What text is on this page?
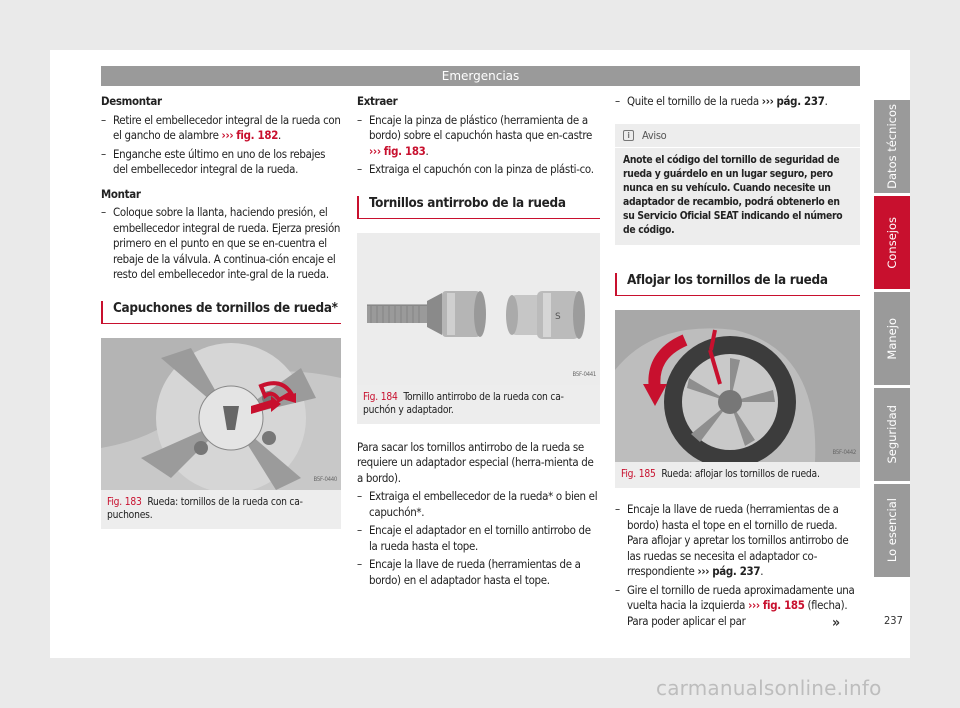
Emergencias

Desmontar

– Retire el embellecedor integral de la rueda con el gancho de alambre ››› fig. 182.
– Enganche este último en uno de los rebajes del embellecedor integral de la rueda.

Montar

– Coloque sobre la llanta, haciendo presión, el embellecedor integral de rueda. Ejerza presión primero en el punto en que se en-cuentra el rebaje de la válvula. A continua-ción encaje el resto del embellecedor inte-gral de la rueda.
Capuchones de tornillos de rueda*
B5F-0440
Fig. 183 Rueda: tornillos de la rueda con ca-puchones.

Extraer

– Encaje la pinza de plástico (herramienta de a bordo) sobre el capuchón hasta que en-castre ››› fig. 183.
– Extraiga el capuchón con la pinza de plásti-co.
Tornillos antirrobo de la rueda
S
B5F-0441
Fig. 184 Tornillo antirrobo de la rueda con ca-puchón y adaptador.

Para sacar los tornillos antirrobo de la rueda se requiere un adaptador especial (herra-mienta de a bordo).

– Extraiga el embellecedor de la rueda* o bien el capuchón*.
– Encaje el adaptador en el tornillo antirrobo de la rueda hasta el tope.
– Encaje la llave de rueda (herramientas de a bordo) en el adaptador hasta el tope.
– Quite el tornillo de la rueda ››› pág. 237.
i	Aviso
Anote el código del tornillo de seguridad de rueda y guárdelo en un lugar seguro, pero nunca en su vehículo. Cuando necesite un adaptador de recambio, podrá obtenerlo en su Servicio Oficial SEAT indicando el número de código.
Aflojar los tornillos de la rueda
B5F-0442
Fig. 185 Rueda: aflojar los tornillos de rueda.
– Encaje la llave de rueda (herramientas de a bordo) hasta el tope en el tornillo de rueda. Para aflojar y apretar los tornillos antirrobo de las ruedas se necesita el adaptador co-rrespondiente ››› pág. 237.
– Gire el tornillo de rueda aproximadamente una vuelta hacia la izquierda ››› fig. 185 (flecha). Para poder aplicar el par
Datos técnicos
Consejos
Manejo
Seguridad
Lo esencial
»	237
carmanualsonline.info
